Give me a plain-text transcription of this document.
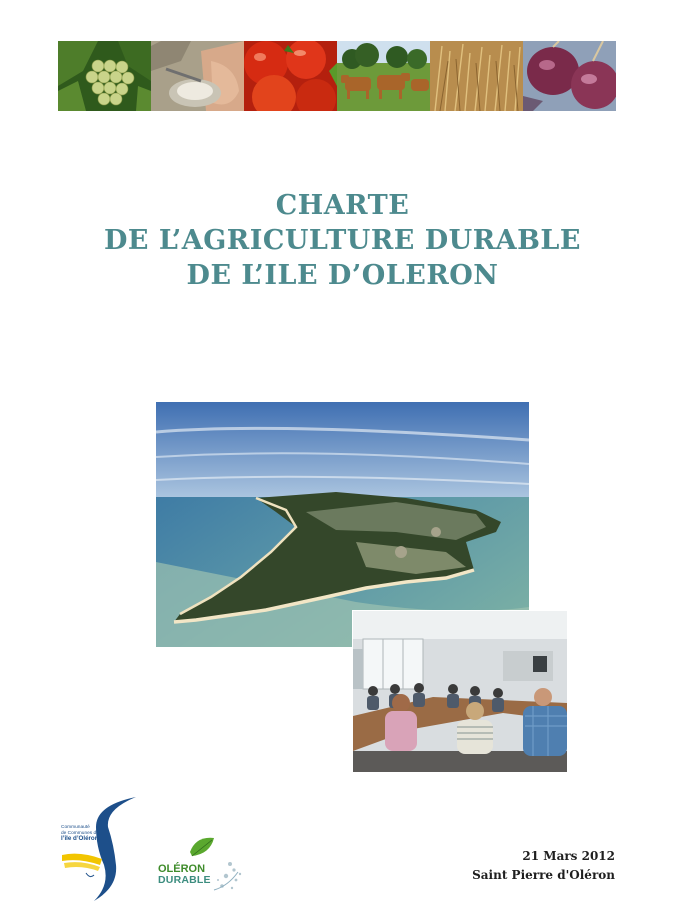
CHARTE
DE L’AGRICULTURE DURABLE
DE L’ILE D’OLERON
Communauté
de Communes de
l’île d’Oléron
OLÉRON
DURABLE
21 Mars 2012
Saint Pierre d'Oléron
